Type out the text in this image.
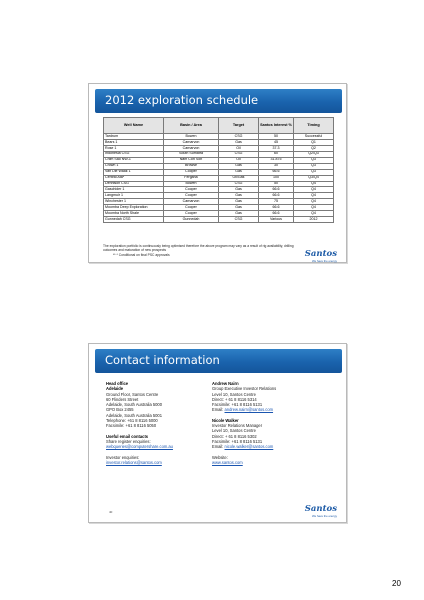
2012 exploration schedule
Well Name	Basin / Area	Target	Santos Interest %	Timing
Tardrum	Bowen	CSG	50	Successful
Bears 1	Carnarvon	Gas	45	Q1
Rose 1	Carnarvon	Oil	37.3	Q2
Indonesia CSG	South Sumatra	CSG	60	Q2/Q3
Chim Sao NW-1	Nam Con Son	Oil	31.875	Q3
Crown 1	Browse	Gas	30	Q3
Van Die Waak 1	Cooper	Gas	66.6	Q3
Central Ata*	Fergana	Oil/Gas	100	Q3/Q4
Dennison CSG	Bowen	CSG	50	Q4
Gaschider 1	Cooper	Gas	66.6	Q4
Langmuir 1	Cooper	Gas	66.6	Q4
Winchester 1	Carnarvon	Gas	75	Q4
Moomba Deep Exploration	Cooper	Gas	66.6	Q4
Moomba North Shale	Cooper	Gas	66.6	Q4
Gunnedah CSG	Gunnedah	CSG	Various	2012
The exploration portfolio is continuously being optimised therefore the above program may vary as a result of rig availability, drilling
outcomes and maturation of new prospects
** * Conditional on final PSC approvals	Santos
We have the energy
Contact information
Head office
Adelaide
Ground Floor, Santos Centre
60 Flinders Street
Adelaide, South Australia 5000
GPO Box 2455
Adelaide, South Australia 5001
Telephone: +61 8 8116 5000
Facsimile: +61 8 8116 5050
Useful email contacts
Share register enquiries:
webqueries@computershare.com.au
Investor enquiries:
investor.relations@santos.com
Andrew Nairn
Group Executive Investor Relations
Level 10, Santos Centre
Direct: + 61 8 8116 5314
Facsimile: +61 8 8116 5131
Email: andrew.nairn@santos.com
Nicole Walker
Investor Relations Manager
Level 10, Santos Centre
Direct: + 61 8 8116 5302
Facsimile: +61 8 8116 5131
Email: nicole.walker@santos.com
Website:
www.santos.com
40	Santos
We have the energy
20
